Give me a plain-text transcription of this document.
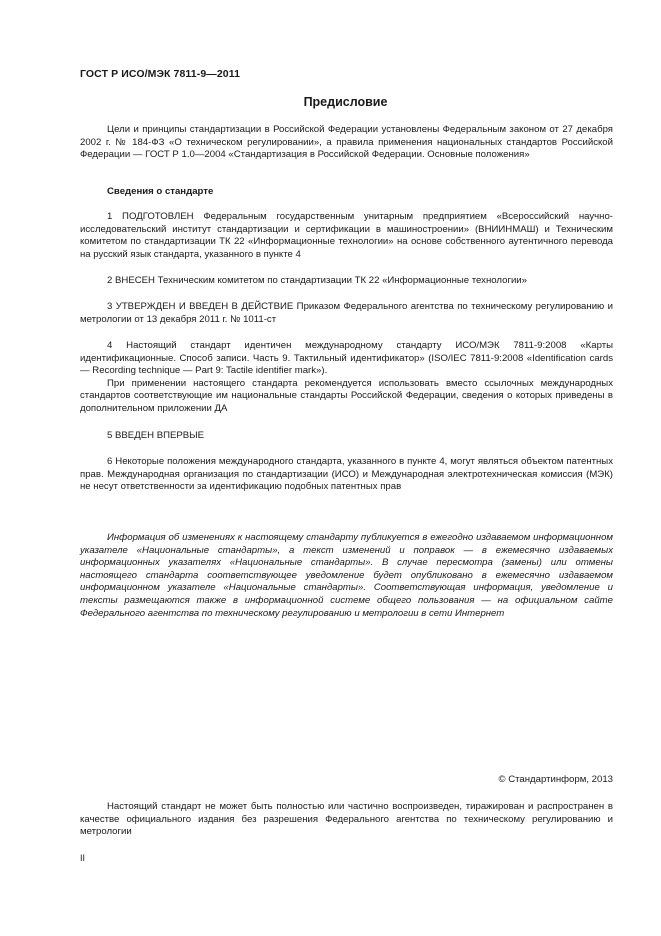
ГОСТ Р ИСО/МЭК 7811-9—2011
Предисловие

Цели и принципы стандартизации в Российской Федерации установлены Федеральным законом от 27 декабря 2002 г. № 184-ФЗ «О техническом регулировании», а правила применения национальных стандартов Российской Федерации — ГОСТ Р 1.0—2004 «Стандартизация в Российской Федерации. Основные положения»

Сведения о стандарте

1 ПОДГОТОВЛЕН Федеральным государственным унитарным предприятием «Всероссийский научно-исследовательский институт стандартизации и сертификации в машиностроении» (ВНИИНМАШ) и Техническим комитетом по стандартизации ТК 22 «Информационные технологии» на основе собственного аутентичного перевода на русский язык стандарта, указанного в пункте 4

2 ВНЕСЕН Техническим комитетом по стандартизации ТК 22 «Информационные технологии»

3 УТВЕРЖДЕН И ВВЕДЕН В ДЕЙСТВИЕ Приказом Федерального агентства по техническому регулированию и метрологии от 13 декабря 2011 г. № 1011-ст

4 Настоящий стандарт идентичен международному стандарту ИСО/МЭК 7811-9:2008 «Карты идентификационные. Способ записи. Часть 9. Тактильный идентификатор» (ISO/IEC 7811-9:2008 «Identification cards — Recording technique — Part 9: Tactile identifier mark»).

При применении настоящего стандарта рекомендуется использовать вместо ссылочных международных стандартов соответствующие им национальные стандарты Российской Федерации, сведения о которых приведены в дополнительном приложении ДА

5 ВВЕДЕН ВПЕРВЫЕ

6 Некоторые положения международного стандарта, указанного в пункте 4, могут являться объектом патентных прав. Международная организация по стандартизации (ИСО) и Международная электротехническая комиссия (МЭК) не несут ответственности за идентификацию подобных патентных прав

Информация об изменениях к настоящему стандарту публикуется в ежегодно издаваемом информационном указателе «Национальные стандарты», а текст изменений и поправок — в ежемесячно издаваемых информационных указателях «Национальные стандарты». В случае пересмотра (замены) или отмены настоящего стандарта соответствующее уведомление будет опубликовано в ежемесячно издаваемом информационном указателе «Национальные стандарты». Соответствующая информация, уведомление и тексты размещаются также в информационной системе общего пользования — на официальном сайте Федерального агентства по техническому регулированию и метрологии в сети Интернет

© Стандартинформ, 2013

Настоящий стандарт не может быть полностью или частично воспроизведен, тиражирован и распространен в качестве официального издания без разрешения Федерального агентства по техническому регулированию и метрологии

II
